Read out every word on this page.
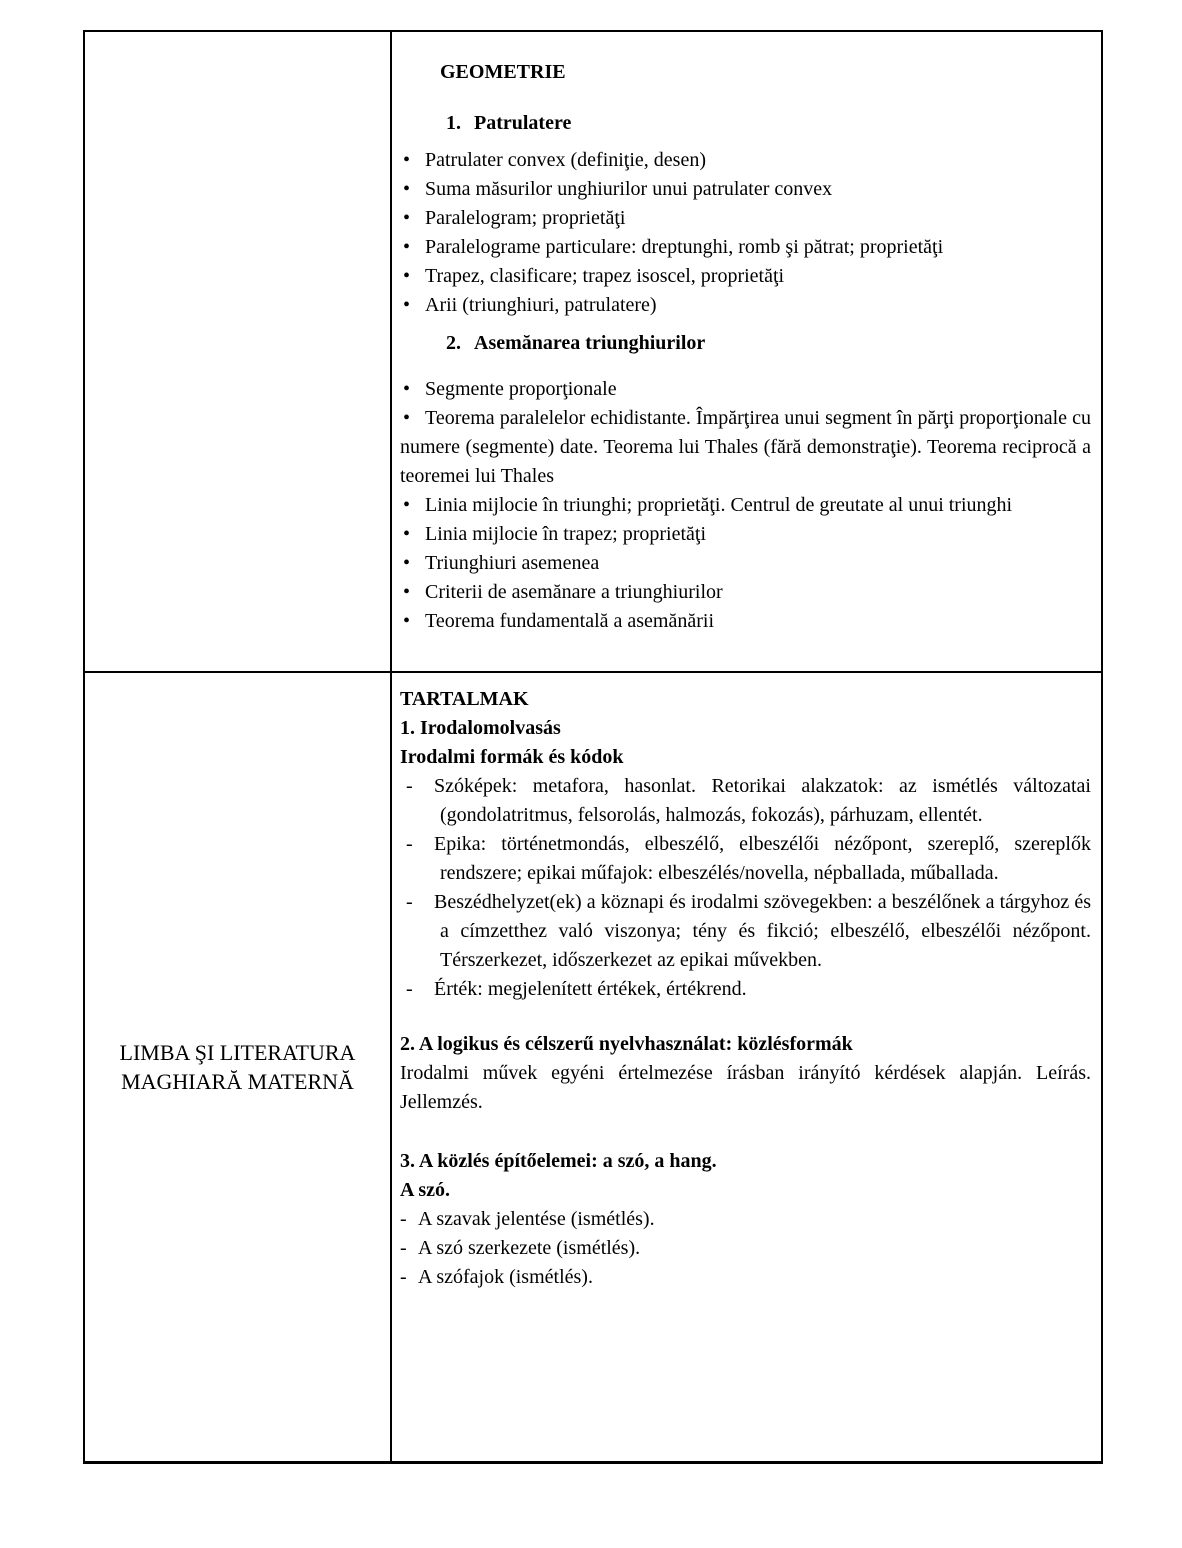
GEOMETRIE
1. Patrulatere
• Patrulater convex (definiţie, desen)
• Suma măsurilor unghiurilor unui patrulater convex
• Paralelogram; proprietăţi
• Paralelograme particulare: dreptunghi, romb şi pătrat; proprietăţi
• Trapez, clasificare; trapez isoscel, proprietăţi
• Arii (triunghiuri, patrulatere)
2. Asemănarea triunghiurilor
• Segmente proporţionale
• Teorema paralelelor echidistante. Împărţirea unui segment în părţi proporţionale cu numere (segmente) date. Teorema lui Thales (fără demonstraţie). Teorema reciprocă a teoremei lui Thales
• Linia mijlocie în triunghi; proprietăţi. Centrul de greutate al unui triunghi
• Linia mijlocie în trapez; proprietăţi
• Triunghiuri asemenea
• Criterii de asemănare a triunghiurilor
• Teorema fundamentală a asemănării
LIMBA ŞI LITERATURA MAGHIARĂ MATERNĂ
TARTALMAK
1. Irodalomolvasás
Irodalmi formák és kódok
- Szóképek: metafora, hasonlat. Retorikai alakzatok: az ismétlés változatai (gondolatritmus, felsorolás, halmozás, fokozás), párhuzam, ellentét.
- Epika: történetmondás, elbeszélő, elbeszélői nézőpont, szereplő, szereplők rendszere; epikai műfajok: elbeszélés/novella, népballada, műballada.
- Beszédhelyzet(ek) a köznapi és irodalmi szövegekben: a beszélőnek a tárgyhoz és a címzetthez való viszonya; tény és fikció; elbeszélő, elbeszélői nézőpont. Térszerkezet, időszerkezet az epikai művekben.
- Érték: megjelenített értékek, értékrend.
2. A logikus és célszerű nyelvhasználat: közlésformák
Irodalmi művek egyéni értelmezése írásban irányító kérdések alapján. Leírás. Jellemzés.
3. A közlés építőelemei: a szó, a hang.
A szó.
- A szavak jelentése (ismétlés).
- A szó szerkezete (ismétlés).
- A szófajok (ismétlés).
